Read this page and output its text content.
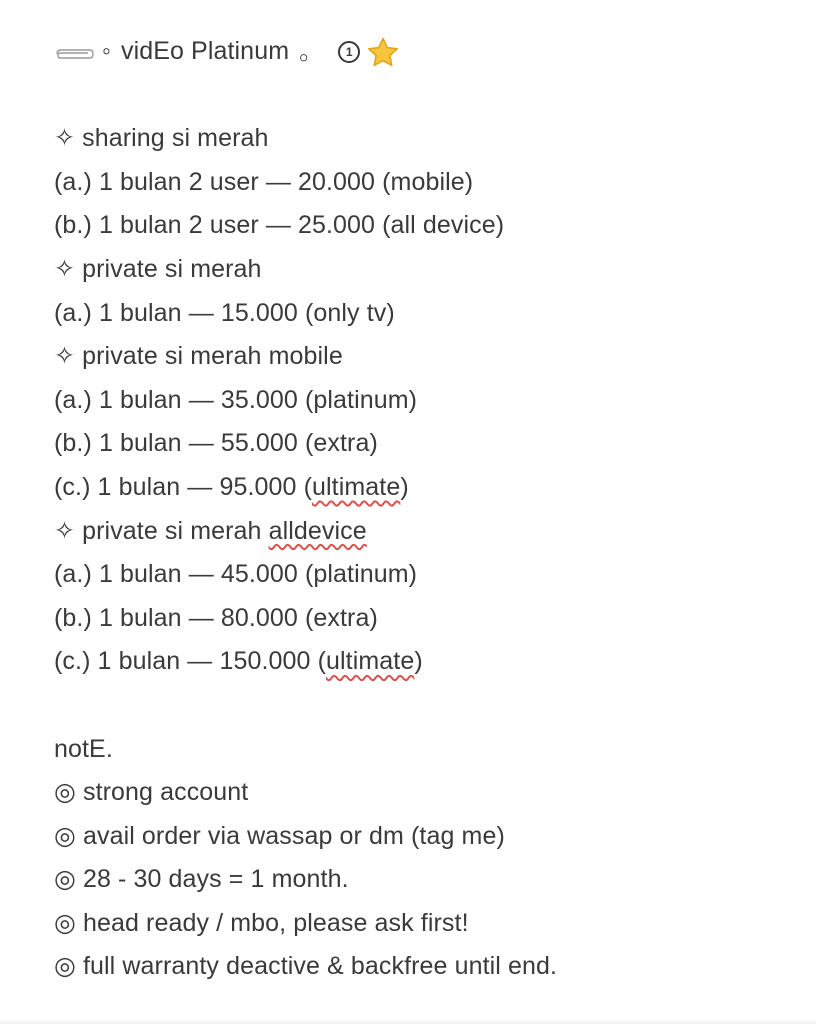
◦ vidEo Platinum 。	1
✧ sharing si merah
(a.) 1 bulan 2 user — 20.000 (mobile)
(b.) 1 bulan 2 user — 25.000 (all device)
✧ private si merah
(a.) 1 bulan — 15.000 (only tv)
✧ private si merah mobile
(a.) 1 bulan — 35.000 (platinum)
(b.) 1 bulan — 55.000 (extra)
(c.) 1 bulan — 95.000 (ultimate)
✧ private si merah alldevice
(a.) 1 bulan — 45.000 (platinum)
(b.) 1 bulan — 80.000 (extra)
(c.) 1 bulan — 150.000 (ultimate)
notE.
◎ strong account
◎ avail order via wassap or dm (tag me)
◎ 28 - 30 days = 1 month.
◎ head ready / mbo, please ask first!
◎ full warranty deactive & backfree until end.
